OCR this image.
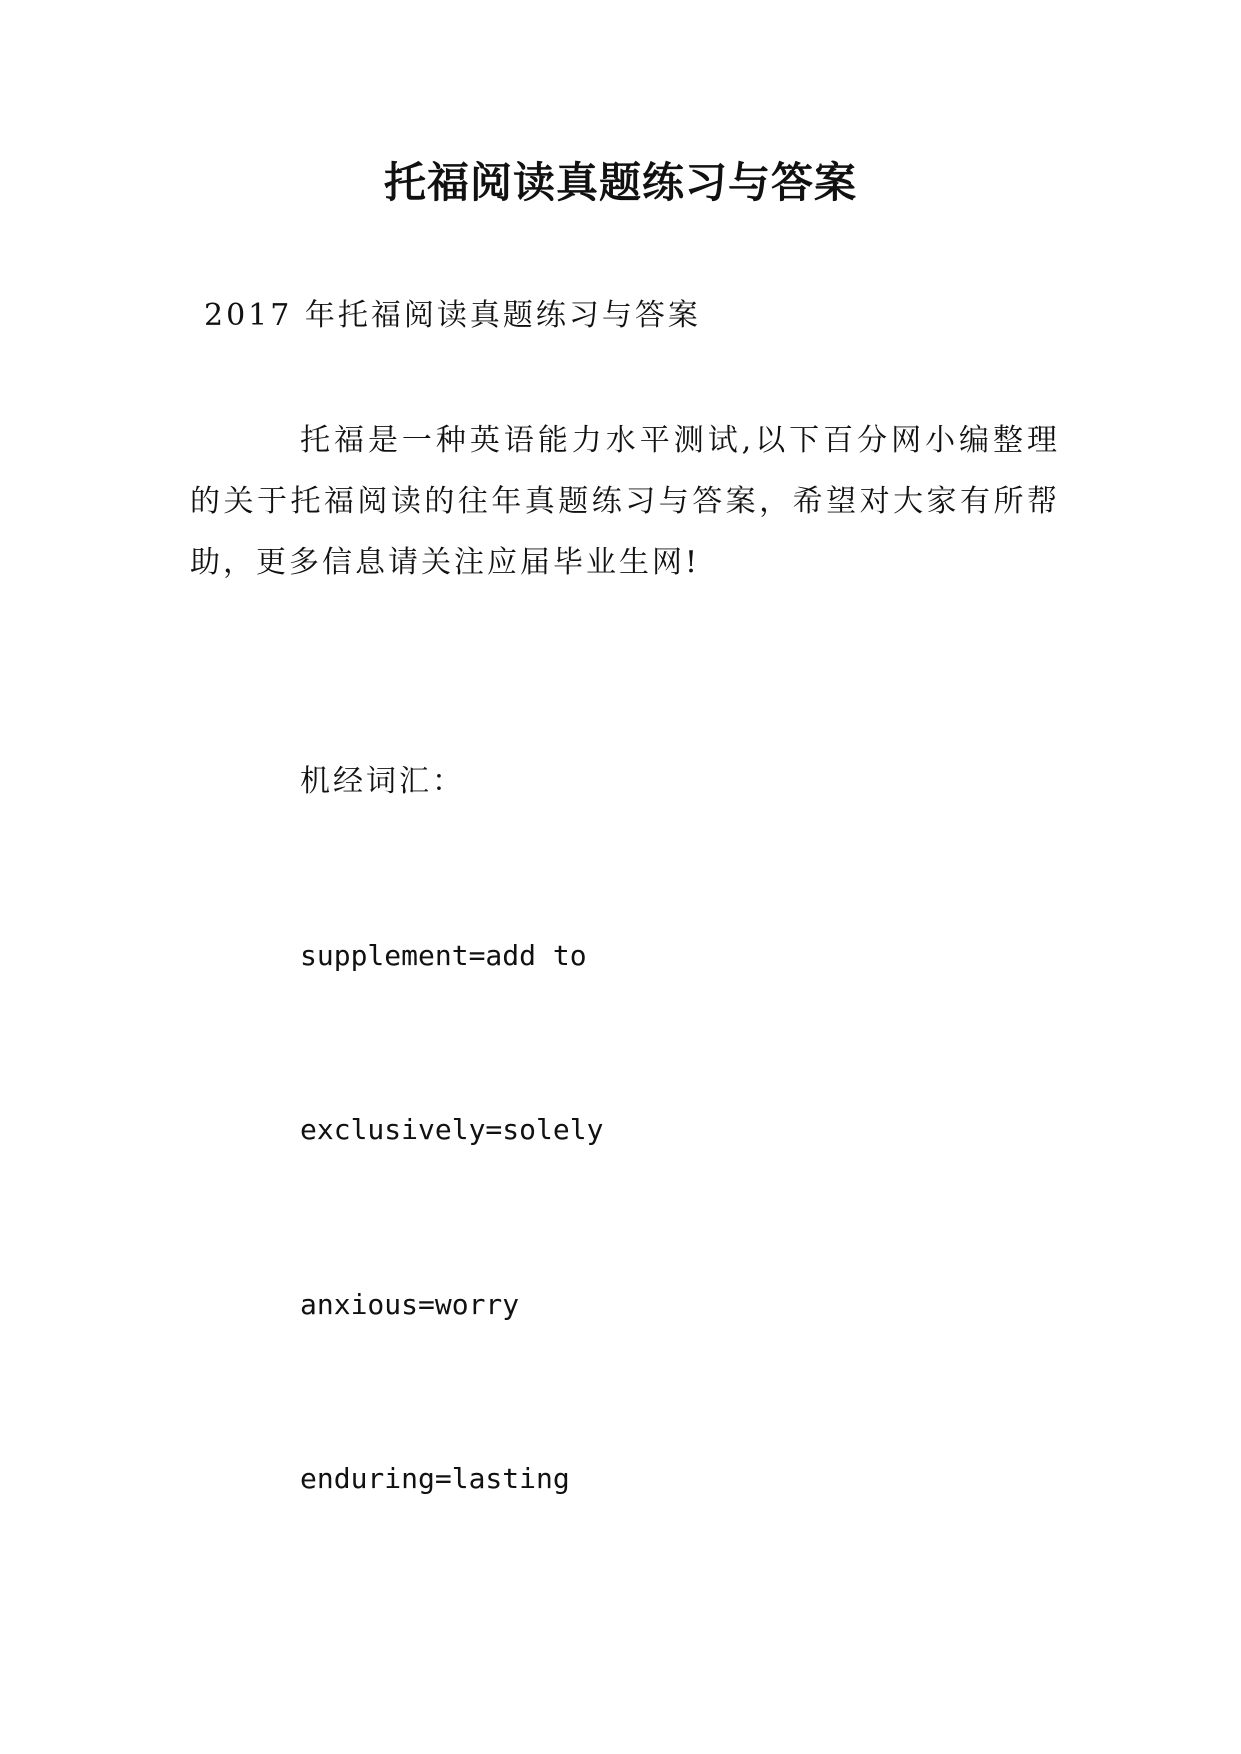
托福阅读真题练习与答案
2017 年托福阅读真题练习与答案

托福是一种英语能力水平测试,以下百分网小编整理的关于托福阅读的往年真题练习与答案，希望对大家有所帮助，更多信息请关注应届毕业生网!

机经词汇：
supplement=add to
exclusively=solely
anxious=worry
enduring=lasting
